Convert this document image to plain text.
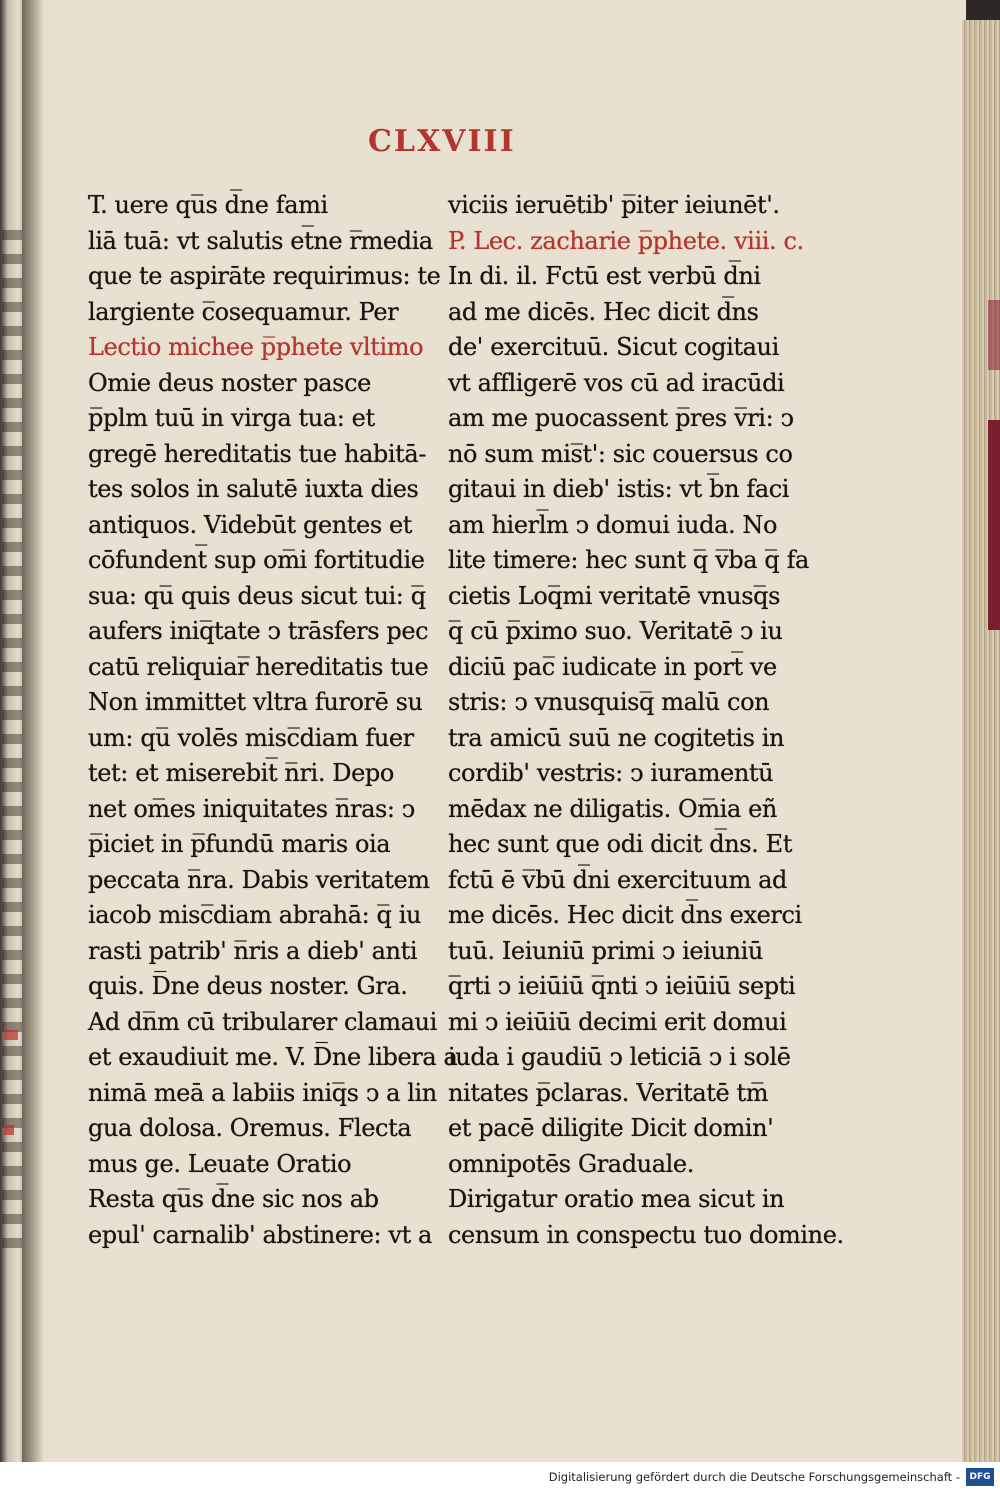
CLXVIII
T. uere qu̅s d̅ne fami
liā tuā: vt salutis et̅ne r̅media
que te aspirāte requirimus: te
largiente c̅osequamur. Per
Lectio michee p̅phete vltimo
Omie deus noster pasce
p̅plm tuū in virga tua: et
gregē hereditatis tue habitā-
tes solos in salutē iuxta dies
antiquos. Videbūt gentes et
cōfundent̅ sup om̅i fortitudie
sua: qu̅ quis deus sicut tui: q̅
aufers iniq̅tate ↄ trāsfers pec
catū reliquiar̅ hereditatis tue
Non immittet vltra furorē su
um: qu̅ volēs misc̅diam fuer
tet: et miserebit̅ n̅ri. Depo
net om̅es iniquitates n̅ras: ↄ
p̅iciet in p̅fundū maris oia
peccata n̅ra. Dabis veritatem
iacob misc̅diam abrahā: q̅ iu
rasti patrib' n̅ris a dieb' anti
quis. D̅ne deus noster. Gra.
Ad dn̅m cū tribularer clamaui
et exaudiuit me. V. D̅ne libera a
nimā meā a labiis iniq̅s ↄ a lin
gua dolosa. Oremus. Flecta
mus ge. Leuate Oratio
Resta qu̅s d̅ne sic nos ab
epul' carnalib' abstinere: vt a
viciis ieruētib' p̅iter ieiunēt'.
P. Lec. zacharie p̅phete. viii. c.
In di. il. Fctū est verbū d̅ni
ad me dicēs. Hec dicit d̅ns
de' exercituū. Sicut cogitaui
vt affligerē vos cū ad iracūdi
am me puocassent p̅res v̅ri: ↄ
nō sum mis̅t': sic couersus co
gitaui in dieb' istis: vt b̅n faci
am hierl̅m ↄ domui iuda. No
lite timere: hec sunt q̅ v̅ba q̅ fa
cietis Loq̅mi veritatē vnusq̅s
q̅ cū p̅ximo suo. Veritatē ↄ iu
diciū pac̅ iudicate in port̅ ve
stris: ↄ vnusquisq̅ malū con
tra amicū suū ne cogitetis in
cordib' vestris: ↄ iuramentū
mēdax ne diligatis. Om̅ia eñ
hec sunt que odi dicit d̅ns. Et
fctū ē v̅bū d̅ni exercituum ad
me dicēs. Hec dicit d̅ns exerci
tuū. Ieiuniū primi ↄ ieiuniū
q̅rti ↄ ieiūiū q̅nti ↄ ieiūiū septi
mi ↄ ieiūiū decimi erit domui
iuda i gaudiū ↄ leticiā ↄ i solē
nitates p̅claras. Veritatē tm̅
et pacē diligite Dicit domin'
omnipotēs Graduale.
Dirigatur oratio mea sicut in
censum in conspectu tuo domine.
Digitalisierung gefördert durch die Deutsche Forschungsgemeinschaft -	DFG
